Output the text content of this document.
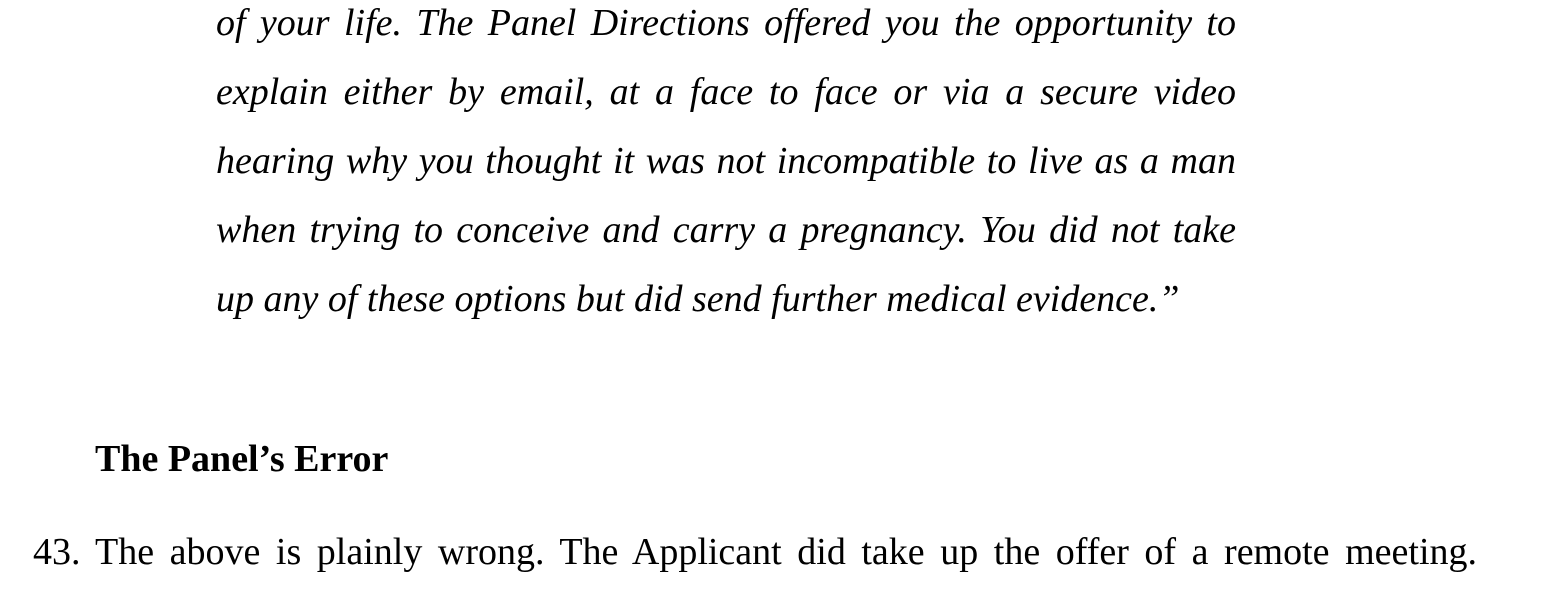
of your life. The Panel Directions offered you the opportunity to
explain either by email, at a face to face or via a secure video
hearing why you thought it was not incompatible to live as a man
when trying to conceive and carry a pregnancy. You did not take
up any of these options but did send further medical evidence.”
The Panel’s Error
43. The above is plainly wrong. The Applicant did take up the offer of a remote meeting.
